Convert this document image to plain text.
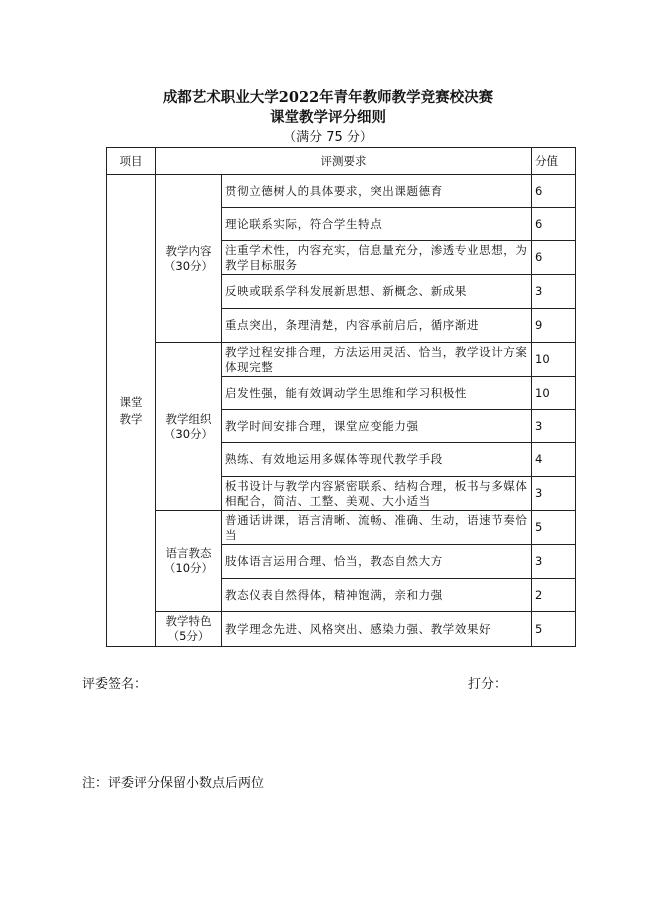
成都艺术职业大学2022年青年教师教学竞赛校决赛
课堂教学评分细则
（满分 75 分）
项目	评测要求		分值
课堂教学	教学内容
（30分）	贯彻立德树人的具体要求，突出课题德育	6
		理论联系实际，符合学生特点	6
		注重学术性，内容充实，信息量充分，渗透专业思想，为教学目标服务	6
		反映或联系学科发展新思想、新概念、新成果	3
		重点突出，条理清楚，内容承前启后，循序渐进	9

	教学组织
（30分）	教学过程安排合理，方法运用灵活、恰当，教学设计方案体现完整	10
		启发性强，能有效调动学生思维和学习积极性	10
		教学时间安排合理，课堂应变能力强	3
		熟练、有效地运用多媒体等现代教学手段	4
		板书设计与教学内容紧密联系、结构合理，板书与多媒体相配合，简洁、工整、美观、大小适当	3

	语言教态
（10分）	普通话讲课，语言清晰、流畅、准确、生动，语速节奏恰当	5
		肢体语言运用合理、恰当，教态自然大方	3
		教态仪表自然得体，精神饱满，亲和力强	2

	教学特色
（5分）	教学理念先进、风格突出、感染力强、教学效果好	5
评委签名：	打分：
注：评委评分保留小数点后两位
